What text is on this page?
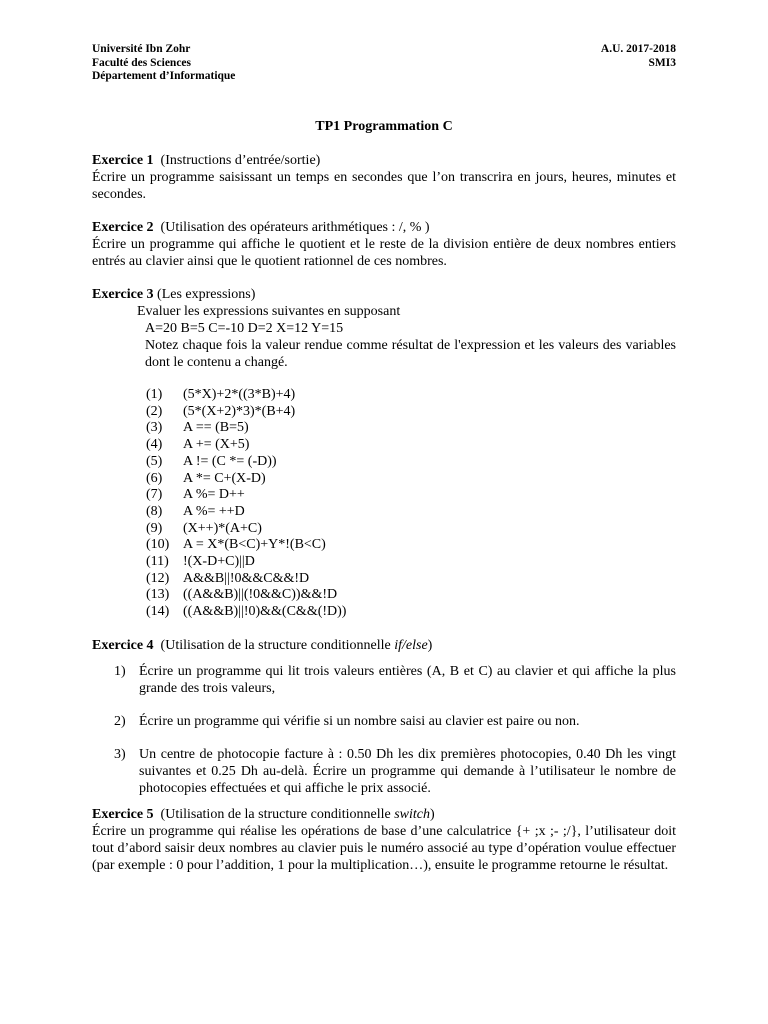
Université Ibn Zohr
Faculté des Sciences
Département d’Informatique
A.U. 2017-2018
SMI3
TP1 Programmation C

Exercice 1 (Instructions d’entrée/sortie)

Écrire un programme saisissant un temps en secondes que l’on transcrira en jours, heures, minutes et secondes.

Exercice 2 (Utilisation des opérateurs arithmétiques : /, % )

Écrire un programme qui affiche le quotient et le reste de la division entière de deux nombres entiers entrés au clavier ainsi que le quotient rationnel de ces nombres.

Exercice 3 (Les expressions)

Evaluer les expressions suivantes en supposant

A=20 B=5 C=-10 D=2 X=12 Y=15

Notez chaque fois la valeur rendue comme résultat de l'expression et les valeurs des variables dont le contenu a changé.

(1)	(5*X)+2*((3*B)+4)
(2)	(5*(X+2)*3)*(B+4)
(3)	A == (B=5)
(4)	A += (X+5)
(5)	A != (C *= (-D))
(6)	A *= C+(X-D)
(7)	A %= D++
(8)	A %= ++D
(9)	(X++)*(A+C)
(10) A = X*(B<C)+Y*!(B<C)
(11)	!(X-D+C)||D
(12) A&&B||!0&&C&&!D
(13) ((A&&B)||(!0&&C))&&!D
(14) ((A&&B)||!0)&&(C&&(!D))

Exercice 4 (Utilisation de la structure conditionnelle if/else)

1) Écrire un programme qui lit trois valeurs entières (A, B et C) au clavier et qui affiche la plus grande des trois valeurs,
2) Écrire un programme qui vérifie si un nombre saisi au clavier est paire ou non.
3) Un centre de photocopie facture à : 0.50 Dh les dix premières photocopies, 0.40 Dh les vingt suivantes et 0.25 Dh au-delà. Écrire un programme qui demande à l’utilisateur le nombre de photocopies effectuées et qui affiche le prix associé.

Exercice 5 (Utilisation de la structure conditionnelle switch)

Écrire un programme qui réalise les opérations de base d’une calculatrice {+ ;x ;- ;/}, l’utilisateur doit tout d’abord saisir deux nombres au clavier puis le numéro associé au type d’opération voulue effectuer (par exemple : 0 pour l’addition, 1 pour la multiplication…), ensuite le programme retourne le résultat.
